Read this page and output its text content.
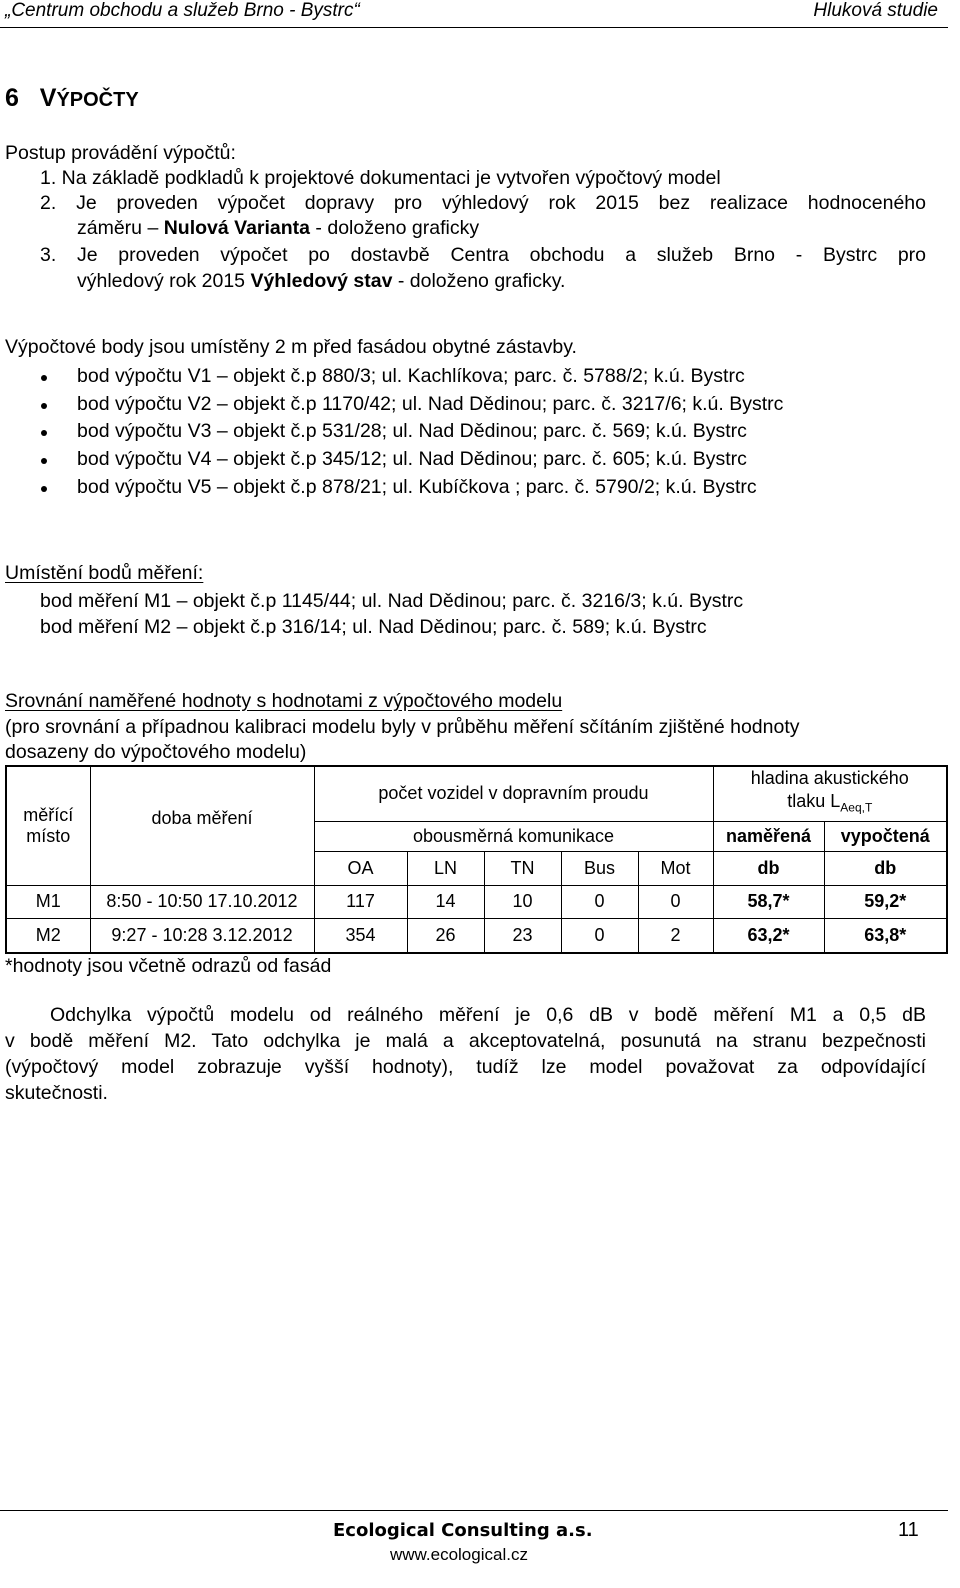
„Centrum obchodu a služeb Brno - Bystrc“	Hluková studie
6 VÝPOČTY
Postup provádění výpočtů:
1. Na základě podkladů k projektové dokumentaci je vytvořen výpočtový model
2. Je proveden výpočet dopravy pro výhledový rok 2015 bez realizace hodnoceného
záměru – Nulová Varianta - doloženo graficky
3. Je proveden výpočet po dostavbě Centra obchodu a služeb Brno - Bystrc pro
výhledový rok 2015 Výhledový stav - doloženo graficky.
Výpočtové body jsou umístěny 2 m před fasádou obytné zástavby.
bod výpočtu V1 – objekt č.p 880/3; ul. Kachlíkova; parc. č. 5788/2; k.ú. Bystrc
bod výpočtu V2 – objekt č.p 1170/42; ul. Nad Dědinou; parc. č. 3217/6; k.ú. Bystrc
bod výpočtu V3 – objekt č.p 531/28; ul. Nad Dědinou; parc. č. 569; k.ú. Bystrc
bod výpočtu V4 – objekt č.p 345/12; ul. Nad Dědinou; parc. č. 605; k.ú. Bystrc
bod výpočtu V5 – objekt č.p 878/21; ul. Kubíčkova ; parc. č. 5790/2; k.ú. Bystrc
Umístění bodů měření:
bod měření M1 – objekt č.p 1145/44; ul. Nad Dědinou; parc. č. 3216/3; k.ú. Bystrc
bod měření M2 – objekt č.p 316/14; ul. Nad Dědinou; parc. č. 589; k.ú. Bystrc
Srovnání naměřené hodnoty s hodnotami z výpočtového modelu
(pro srovnání a případnou kalibraci modelu byly v průběhu měření sčítáním zjištěné hodnoty
dosazeny do výpočtového modelu)
měřící
místo	doba měření	počet vozidel v dopravním proudu					hladina akustického
tlaku $L_{Aeq,T}$
		obousměrná komunikace					naměřená	vypočtená
		OA	LN	TN	Bus	Mot	db	db
M1	8:50 - 10:50 17.10.2012	117	14	10	0	0	58,7*	59,2*
M2	9:27 - 10:28 3.12.2012	354	26	23	0	2	63,2*	63,8*
*hodnoty jsou včetně odrazů od fasád
Odchylka výpočtů modelu od reálného měření je 0,6 dB v bodě měření M1 a 0,5 dB
v bodě měření M2. Tato odchylka je malá a akceptovatelná, posunutá na stranu bezpečnosti
(výpočtový model zobrazuje vyšší hodnoty), tudíž lze model považovat za odpovídající
skutečnosti.
Ecological Consulting a.s.
www.ecological.cz
11
